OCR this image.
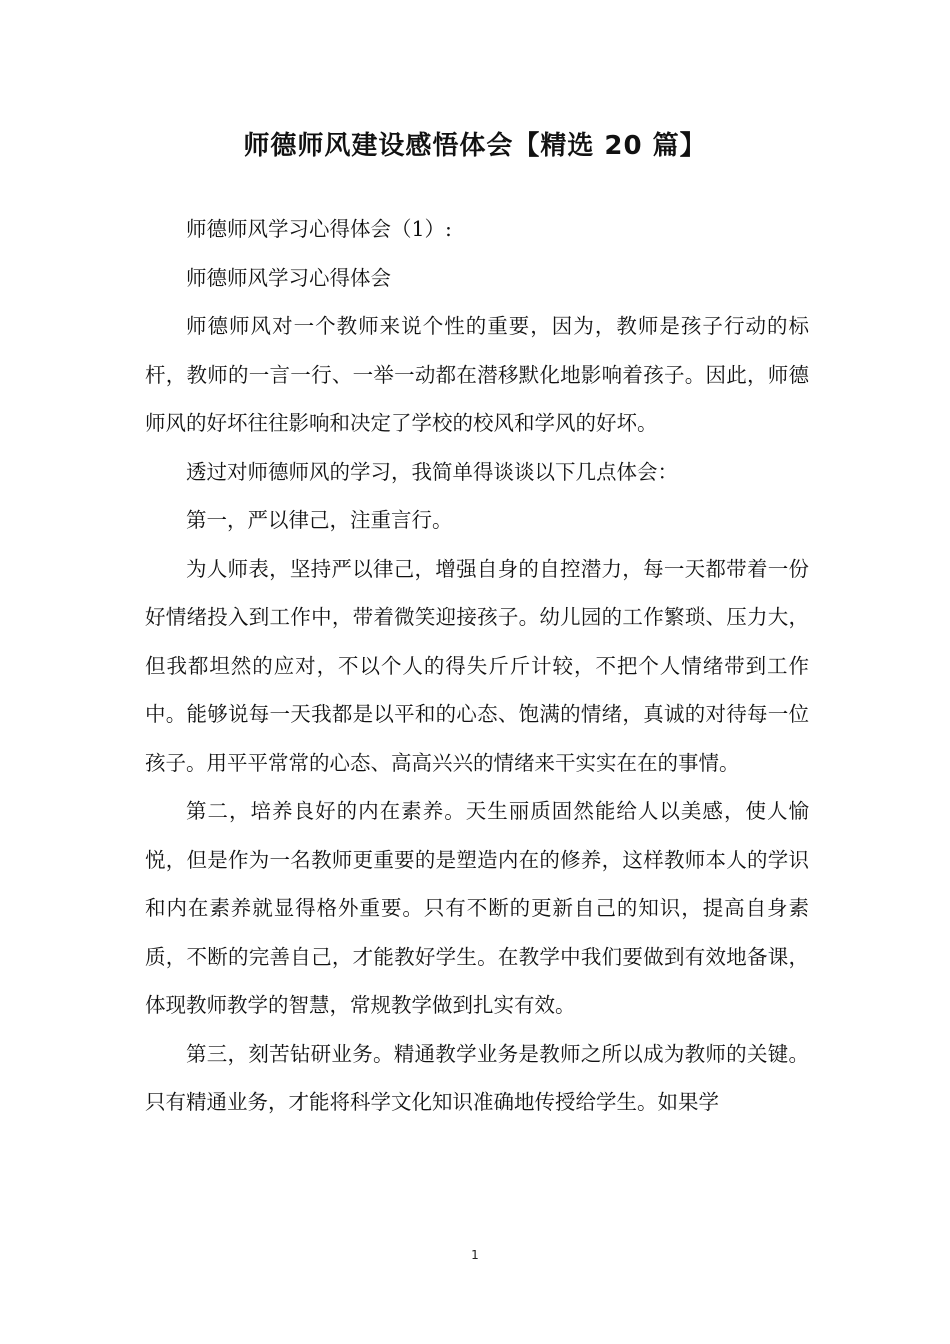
师德师风建设感悟体会【精选 20 篇】

师德师风学习心得体会（1）:

师德师风学习心得体会

师德师风对一个教师来说个性的重要，因为，教师是孩子行动的标杆，教师的一言一行、一举一动都在潜移默化地影响着孩子。因此，师德师风的好坏往往影响和决定了学校的校风和学风的好坏。

透过对师德师风的学习，我简单得谈谈以下几点体会：

第一，严以律己，注重言行。

为人师表，坚持严以律己，增强自身的自控潜力，每一天都带着一份好情绪投入到工作中，带着微笑迎接孩子。幼儿园的工作繁琐、压力大，但我都坦然的应对，不以个人的得失斤斤计较，不把个人情绪带到工作中。能够说每一天我都是以平和的心态、饱满的情绪，真诚的对待每一位孩子。用平平常常的心态、高高兴兴的情绪来干实实在在的事情。

第二，培养良好的内在素养。天生丽质固然能给人以美感，使人愉悦，但是作为一名教师更重要的是塑造内在的修养，这样教师本人的学识和内在素养就显得格外重要。只有不断的更新自己的知识，提高自身素质，不断的完善自己，才能教好学生。在教学中我们要做到有效地备课，体现教师教学的智慧，常规教学做到扎实有效。

第三，刻苦钻研业务。精通教学业务是教师之所以成为教师的关键。只有精通业务，才能将科学文化知识准确地传授给学生。如果学

1
